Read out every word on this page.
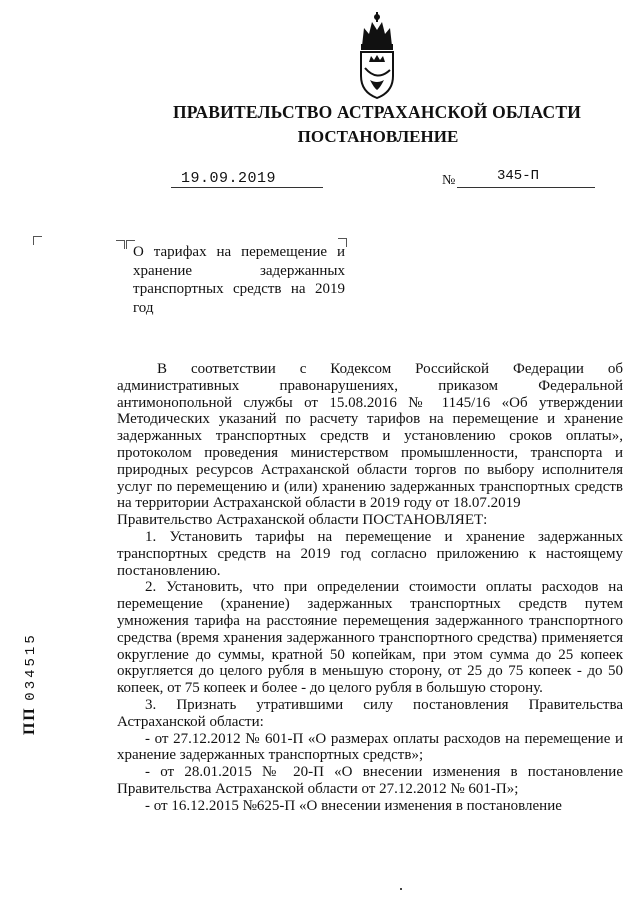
ПРАВИТЕЛЬСТВО АСТРАХАНСКОЙ ОБЛАСТИ
ПОСТАНОВЛЕНИЕ
19.09.2019	№	345-П
О тарифах на перемещение и хранение задержанных транспортных средств на 2019 год

В соответствии с Кодексом Российской Федерации об административных правонарушениях, приказом Федеральной антимонопольной службы от 15.08.2016 № 1145/16 «Об утверждении Методических указаний по расчету тарифов на перемещение и хранение задержанных транспортных средств и установлению сроков оплаты», протоколом проведения министерством промышленности, транспорта и природных ресурсов Астраханской области торгов по выбору исполнителя услуг по перемещению и (или) хранению задержанных транспортных средств на территории Астраханской области в 2019 году от 18.07.2019

Правительство Астраханской области ПОСТАНОВЛЯЕТ:

1. Установить тарифы на перемещение и хранение задержанных транспортных средств на 2019 год согласно приложению к настоящему постановлению.

2. Установить, что при определении стоимости оплаты расходов на перемещение (хранение) задержанных транспортных средств путем умножения тарифа на расстояние перемещения задержанного транспортного средства (время хранения задержанного транспортного средства) применяется округление до суммы, кратной 50 копейкам, при этом сумма до 25 копеек округляется до целого рубля в меньшую сторону, от 25 до 75 копеек - до 50 копеек, от 75 копеек и более - до целого рубля в большую сторону.

3. Признать утратившими силу постановления Правительства Астраханской области:

- от 27.12.2012 № 601-П «О размерах оплаты расходов на перемещение и хранение задержанных транспортных средств»;

- от 28.01.2015 № 20-П «О внесении изменения в постановление Правительства Астраханской области от 27.12.2012 № 601-П»;

- от 16.12.2015 №625-П «О внесении изменения в постановление

ПП 034515
